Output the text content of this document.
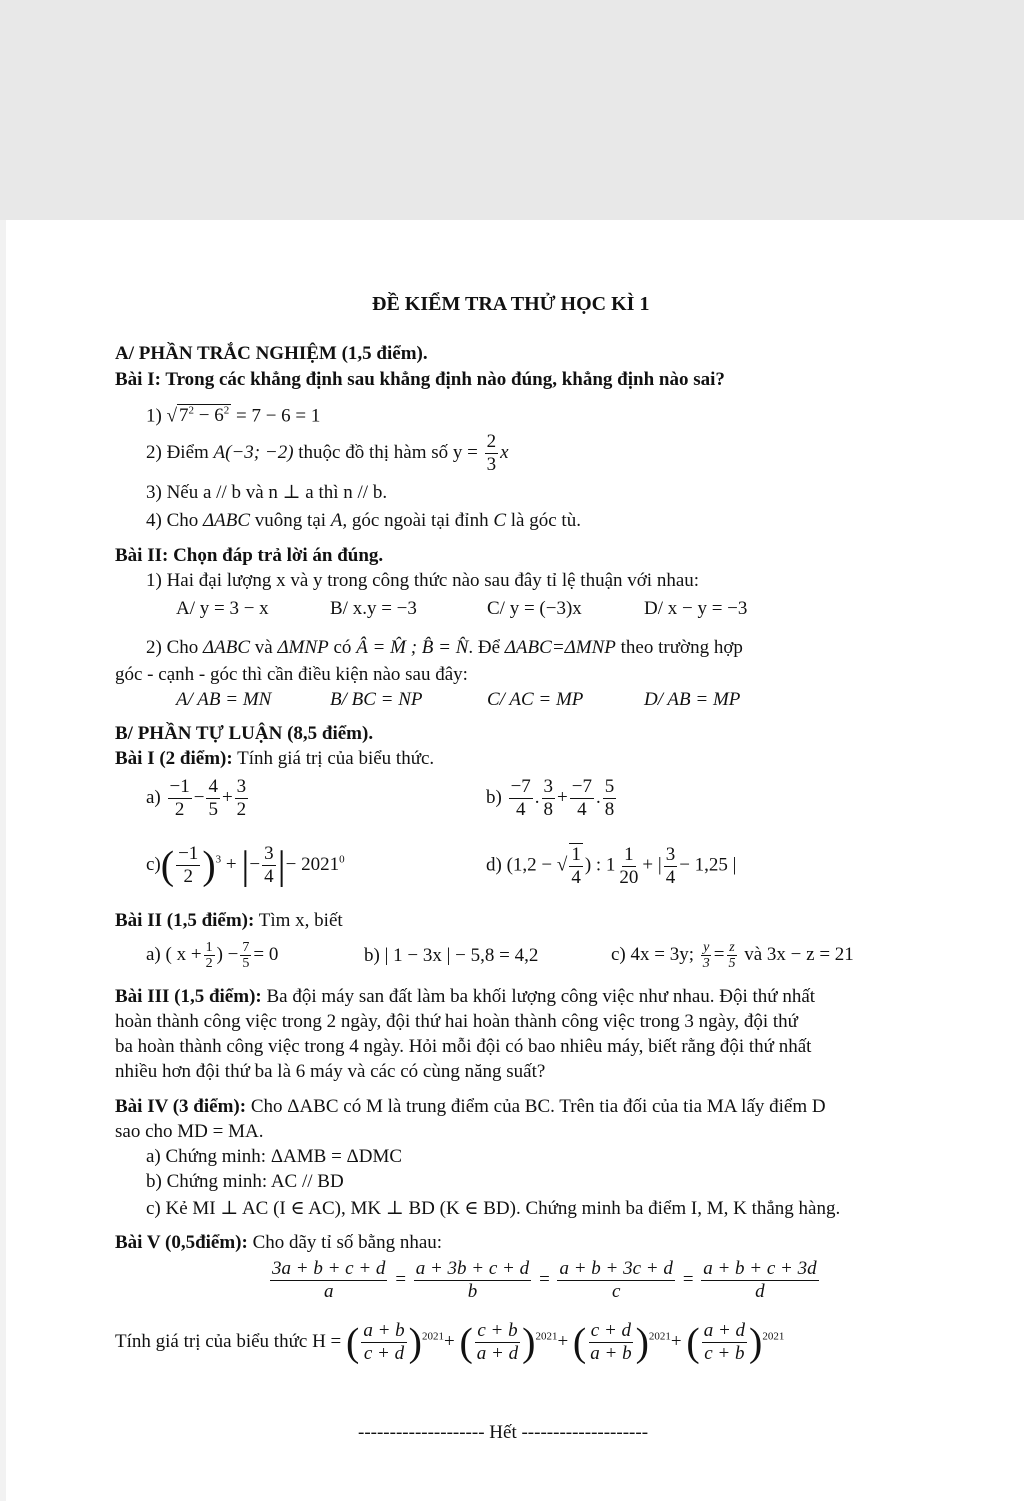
ĐỀ KIỂM TRA THỬ HỌC KÌ 1
A/ PHẦN TRẮC NGHIỆM (1,5 điểm).
Bài I: Trong các khẳng định sau khẳng định nào đúng, khẳng định nào sai?
1) √ $7^2 - 6^2 = 7 - 6 = 1$
2) Điểm A(−3; −2) thuộc đồ thị hàm số $y = \frac{2}{3}$ x
3) Nếu a // b và n ⊥ a thì n // b.
4) Cho ΔABC vuông tại A, góc ngoài tại đỉnh C là góc tù.
Bài II: Chọn đáp trả lời án đúng.
1) Hai đại lượng x và y trong công thức nào sau đây tỉ lệ thuận với nhau:
A/ y = 3 − x	B/ x.y = −3	C/ y = (−3)x	D/ x − y = −3
2) Cho ΔABC và ΔMNP có Â = M̂ ; B̂ = N̂. Để ΔABC=ΔMNP theo trường hợp
góc - cạnh - góc thì cần điều kiện nào sau đây:
A/ AB = MN	B/ BC = NP	C/ AC = MP	D/ AB = MP
B/ PHẦN TỰ LUẬN (8,5 điểm).
Bài I (2 điểm): Tính giá trị của biểu thức.
$a) \frac{-1}{2} - \frac{4}{5} + \frac{3}{2}$	$b) \frac{-7}{4}$ . $\frac{3}{8} + \frac{-7}{4}$ . $\frac{5}{8}$
$c)( \frac{-1}{2} )^3$ + |− $\frac{3}{4}$ |− $2021^0$	d) (1,2 − √ $\frac{1}{4}$ ) : $1 \frac{1}{20}$ + | $\frac{3}{4} - 1,25$ |
Bài II (1,5 điểm): Tìm x, biết
a) ( $x + \frac{1}{2}$ ) − $\frac{7}{5} = 0$	b) | 1 − 3x | − 5,8 = 4,2	c) 4x = 3y; $\frac{y}{3} = \frac{z}{5}$ và 3x − z = 21
Bài III (1,5 điểm): Ba đội máy san đất làm ba khối lượng công việc như nhau. Đội thứ nhất
hoàn thành công việc trong 2 ngày, đội thứ hai hoàn thành công việc trong 3 ngày, đội thứ
ba hoàn thành công việc trong 4 ngày. Hỏi mỗi đội có bao nhiêu máy, biết rằng đội thứ nhất
nhiều hơn đội thứ ba là 6 máy và các có cùng năng suất?
Bài IV (3 điểm): Cho ΔABC có M là trung điểm của BC. Trên tia đối của tia MA lấy điểm D
sao cho MD = MA.
a) Chứng minh: ΔAMB = ΔDMC
b) Chứng minh: AC // BD
c) Kẻ MI ⊥ AC (I ∈ AC), MK ⊥ BD (K ∈ BD). Chứng minh ba điểm I, M, K thẳng hàng.
Bài V (0,5điểm): Cho dãy tỉ số bằng nhau:
$\frac{3a + b + c + d}{a} = \frac{a + 3b + c + d}{b} = \frac{a + b + 3c + d}{c} = \frac{a + b + c + 3d}{d}$
Tính giá trị của biểu thức H = ( $\frac{a + b}{c + d} )^{2021}+$ ( $\frac{c + b}{a + d} )^{2021}+$ ( $\frac{c + d}{a + b} )^{2021}+$ ( $\frac{a + d}{c + b} )^{2021}$
-------------------- Hết --------------------
